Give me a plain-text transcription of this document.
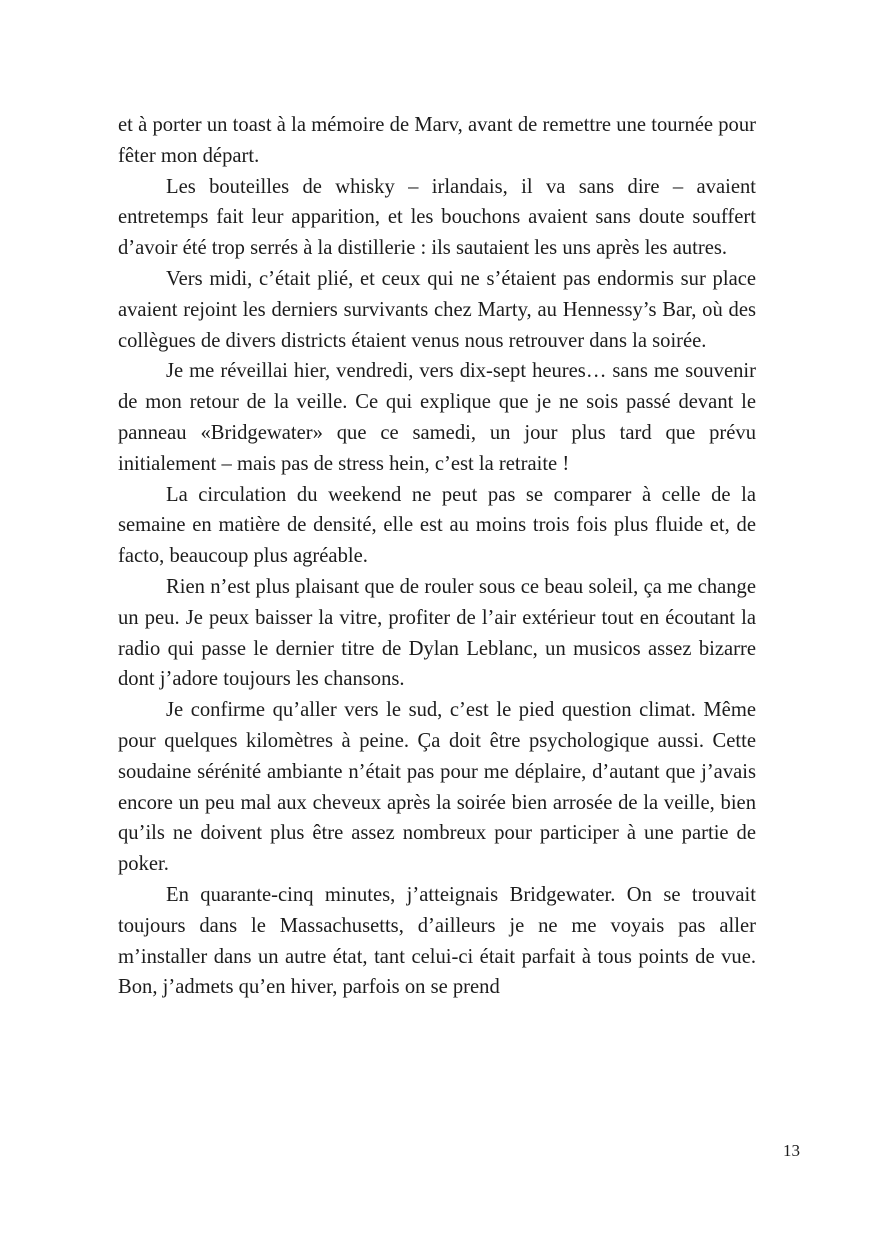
et à porter un toast à la mémoire de Marv, avant de remettre une tournée pour fêter mon départ.

Les bouteilles de whisky – irlandais, il va sans dire – avaient entretemps fait leur apparition, et les bouchons avaient sans doute souffert d’avoir été trop serrés à la distillerie : ils sautaient les uns après les autres.

Vers midi, c’était plié, et ceux qui ne s’étaient pas endormis sur place avaient rejoint les derniers survivants chez Marty, au Hennessy’s Bar, où des collègues de divers districts étaient venus nous retrouver dans la soirée.

Je me réveillai hier, vendredi, vers dix-sept heures… sans me souvenir de mon retour de la veille. Ce qui explique que je ne sois passé devant le panneau «Bridgewater» que ce samedi, un jour plus tard que prévu initialement – mais pas de stress hein, c’est la retraite !

La circulation du weekend ne peut pas se comparer à celle de la semaine en matière de densité, elle est au moins trois fois plus fluide et, de facto, beaucoup plus agréable.

Rien n’est plus plaisant que de rouler sous ce beau soleil, ça me change un peu. Je peux baisser la vitre, profiter de l’air extérieur tout en écoutant la radio qui passe le dernier titre de Dylan Leblanc, un musicos assez bizarre dont j’adore toujours les chansons.

Je confirme qu’aller vers le sud, c’est le pied question climat. Même pour quelques kilomètres à peine. Ça doit être psychologique aussi. Cette soudaine sérénité ambiante n’était pas pour me déplaire, d’autant que j’avais encore un peu mal aux cheveux après la soirée bien arrosée de la veille, bien qu’ils ne doivent plus être assez nombreux pour participer à une partie de poker.

En quarante-cinq minutes, j’atteignais Bridgewater. On se trouvait toujours dans le Massachusetts, d’ailleurs je ne me voyais pas aller m’installer dans un autre état, tant celui-ci était parfait à tous points de vue. Bon, j’admets qu’en hiver, parfois on se prend

13
